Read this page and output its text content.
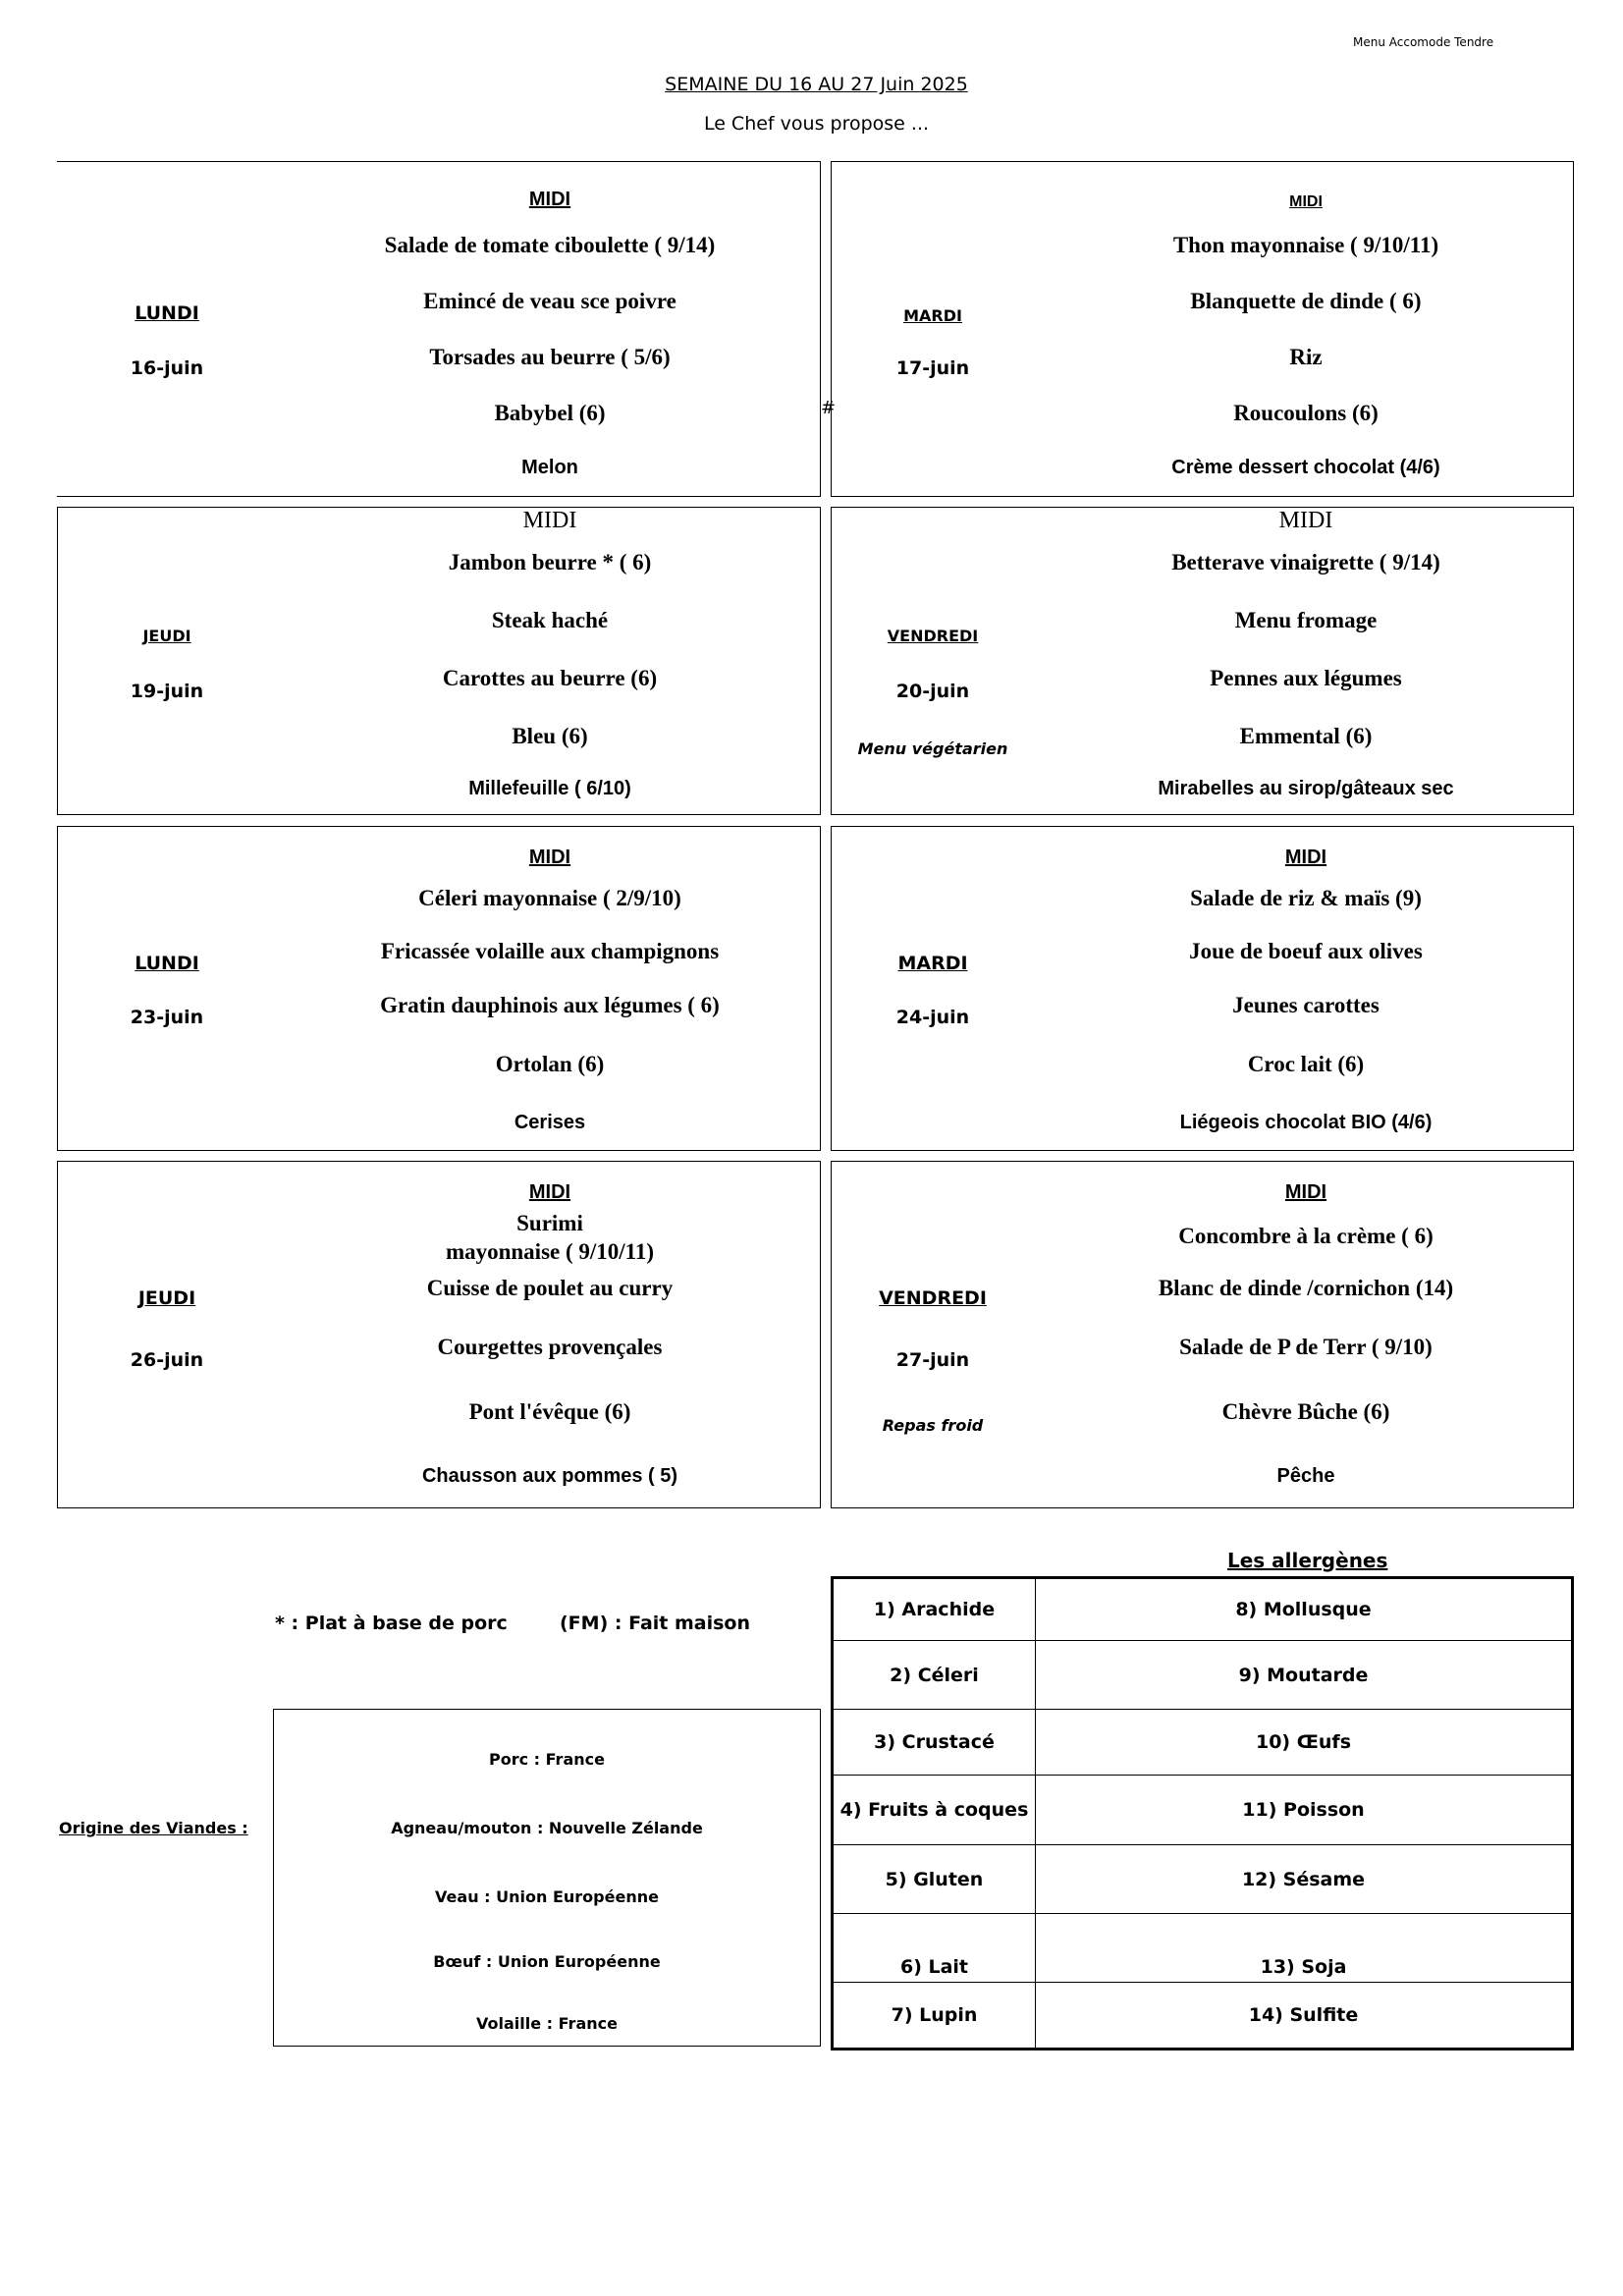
Menu Accomode Tendre
SEMAINE DU 16 AU 27 Juin 2025
Le Chef vous propose ...
LUNDI
16-juin
MIDI
Salade de tomate ciboulette ( 9/14)
Emincé de veau sce poivre
Torsades au beurre ( 5/6)
Babybel (6)
Melon
MARDI
17-juin
MIDI
Thon mayonnaise ( 9/10/11)
Blanquette de dinde ( 6)
Riz
Roucoulons (6)
Crème dessert chocolat (4/6)
#
JEUDI
19-juin
MIDI
Jambon beurre * ( 6)
Steak haché
Carottes au beurre (6)
Bleu (6)
Millefeuille ( 6/10)
VENDREDI
20-juin
Menu végétarien
MIDI
Betterave vinaigrette ( 9/14)
Menu fromage
Pennes aux légumes
Emmental (6)
Mirabelles au sirop/gâteaux sec
LUNDI
23-juin
MIDI
Céleri mayonnaise ( 2/9/10)
Fricassée volaille aux champignons
Gratin dauphinois aux légumes ( 6)
Ortolan (6)
Cerises
MARDI
24-juin
MIDI
Salade de riz & maïs (9)
Joue de boeuf aux olives
Jeunes carottes
Croc lait (6)
Liégeois chocolat BIO (4/6)
JEUDI
26-juin
MIDI
Surimi
mayonnaise ( 9/10/11)
Cuisse de poulet au curry
Courgettes provençales
Pont l'évêque (6)
Chausson aux pommes ( 5)
VENDREDI
27-juin
Repas froid
MIDI
Concombre à la crème ( 6)
Blanc de dinde /cornichon (14)
Salade de P de Terr ( 9/10)
Chèvre Bûche (6)
Pêche
* : Plat à base de porc	(FM) : Fait maison
Origine des Viandes :
Porc : France
Agneau/mouton : Nouvelle Zélande
Veau : Union Européenne
Bœuf : Union Européenne
Volaille : France
Les allergènes
1) Arachide	8) Mollusque
2) Céleri	9) Moutarde
3) Crustacé	10) Œufs
4) Fruits à coques	11) Poisson
5) Gluten	12) Sésame
6) Lait	13) Soja
7) Lupin	14) Sulfite
